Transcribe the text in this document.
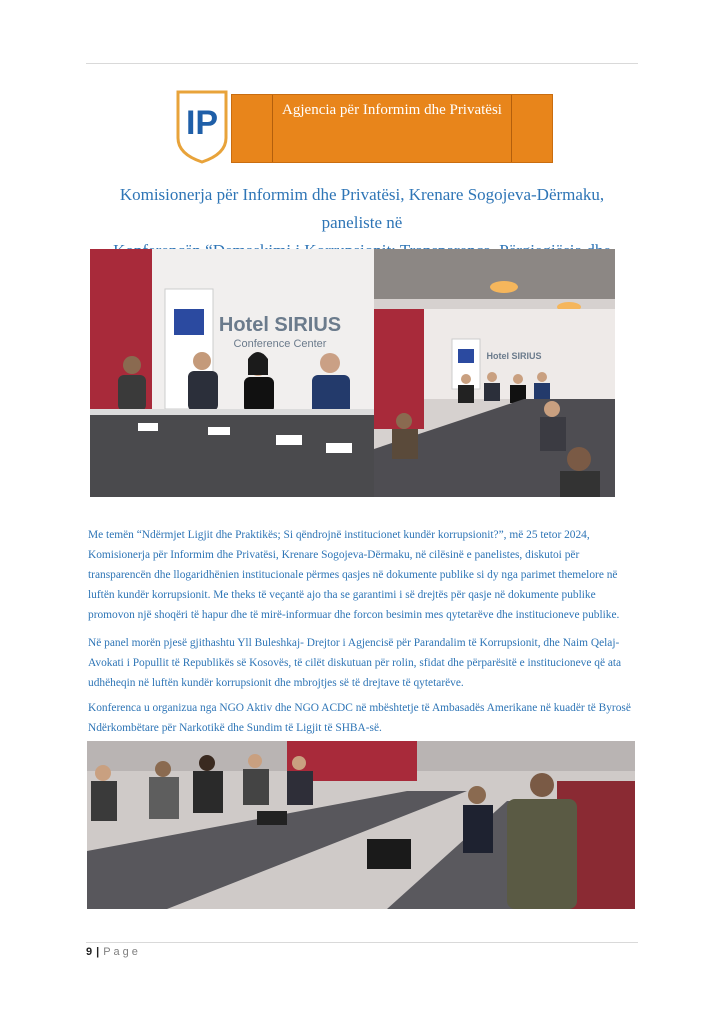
IP	Agjencia për Informim dhe Privatësi
Komisionerja për Informim dhe Privatësi, Krenare Sogojeva-Dërmaku, paneliste në
Hotel SIRIUS
Conference Center
Hotel SIRIUS

Me temën “Ndërmjet Ligjit dhe Praktikës; Si qëndrojnë institucionet kundër korrupsionit?”, më 25 tetor 2024, Komisionerja për Informim dhe Privatësi, Krenare Sogojeva-Dërmaku, në cilësinë e panelistes, diskutoi për transparencën dhe llogaridhënien institucionale përmes qasjes në dokumente publike si dy nga parimet themelore në luftën kundër korrupsionit. Me theks të veçantë ajo tha se garantimi i së drejtës për qasje në dokumente publike promovon një shoqëri të hapur dhe të mirë-informuar dhe forcon besimin mes qytetarëve dhe institucioneve publike.

Në panel morën pjesë gjithashtu Yll Buleshkaj- Drejtor i Agjencisë për Parandalim të Korrupsionit, dhe Naim Qelaj-Avokati i Popullit të Republikës së Kosovës, të cilët diskutuan për rolin, sfidat dhe përparësitë e institucioneve që ata udhëheqin në luftën kundër korrupsionit dhe mbrojtjes së të drejtave të qytetarëve.

Konferenca u organizua nga NGO Aktiv dhe NGO ACDC në mbështetje të Ambasadës Amerikane në kuadër të Byrosë Ndërkombëtare për Narkotikë dhe Sundim të Ligjit të SHBA-së.

9 | Page
